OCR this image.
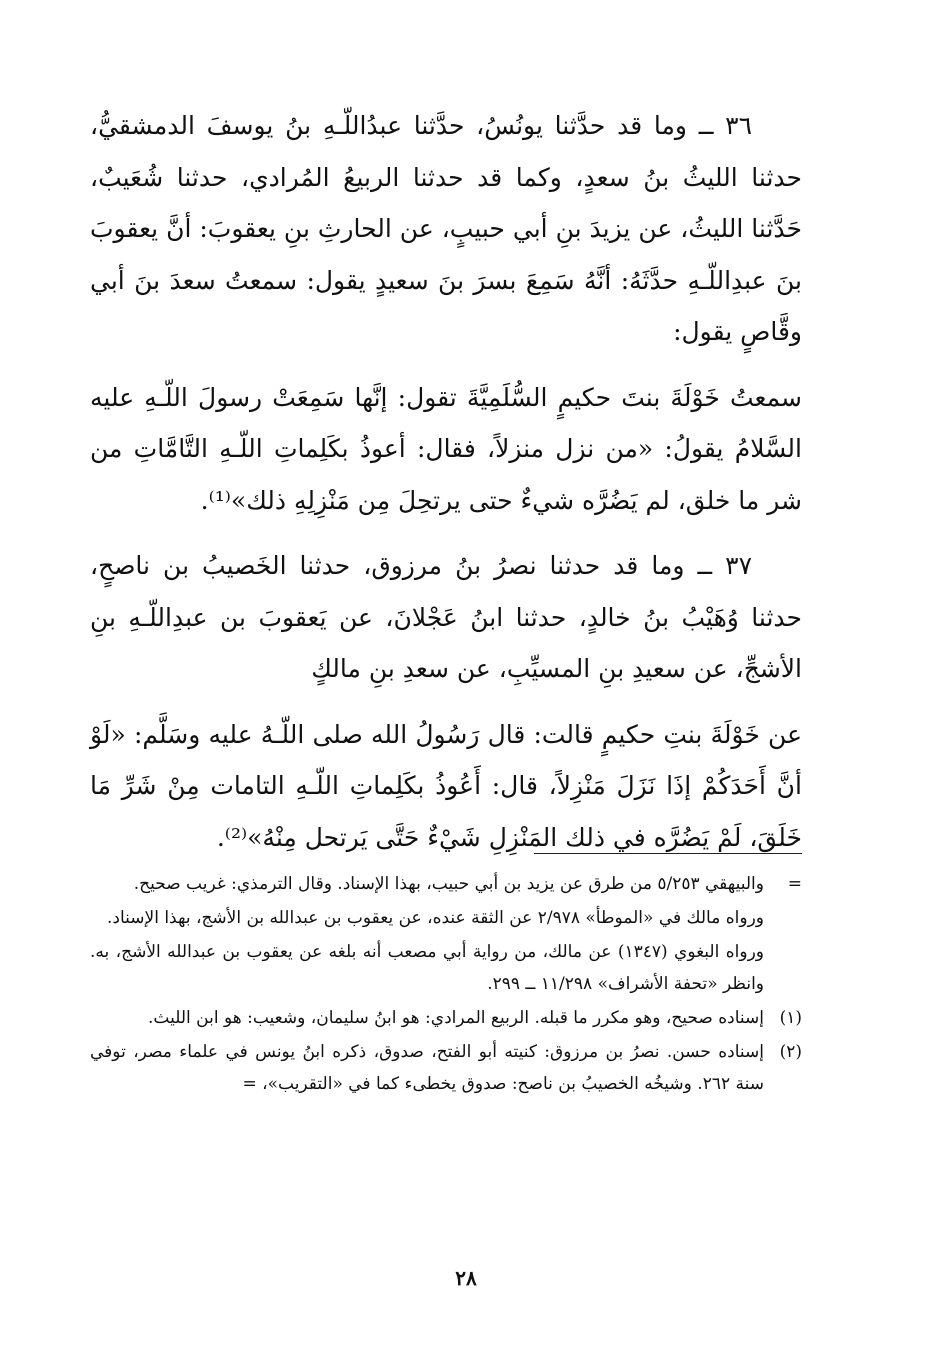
٣٦ ــ وما قد حدَّثنا يونُسُ، حدَّثنا عبدُاللّـهِ بنُ يوسفَ الدمشقيُّ، حدثنا الليثُ بنُ سعدٍ، وكما قد حدثنا الربيعُ المُرادي، حدثنا شُعَيبٌ، حَدَّثنا الليثُ، عن يزيدَ بنِ أبي حبيبٍ، عن الحارثِ بنِ يعقوبَ: أنَّ يعقوبَ بنَ عبدِاللّـهِ حدَّثَهُ: أنَّهُ سَمِعَ بسرَ بنَ سعيدٍ يقول: سمعتُ سعدَ بنَ أبي وقَّاصٍ يقول:

سمعتُ خَوْلَةَ بنتَ حكيمٍ السُّلَمِيَّةَ تقول: إنَّها سَمِعَتْ رسولَ اللّـهِ عليه السَّلامُ يقولُ: «من نزل منزلاً، فقال: أعوذُ بكَلِماتِ اللّـهِ التَّامَّاتِ من شر ما خلق، لم يَضُرَّه شيءٌ حتى يرتحِلَ مِن مَنْزِلِهِ ذلك»⁽¹⁾.

٣٧ ــ وما قد حدثنا نصرُ بنُ مرزوق، حدثنا الخَصيبُ بن ناصحٍ، حدثنا وُهَيْبُ بنُ خالدٍ، حدثنا ابنُ عَجْلانَ، عن يَعقوبَ بن عبدِاللّـهِ بنِ الأشجِّ، عن سعيدِ بنِ المسيِّبِ، عن سعدِ بنِ مالكٍ

عن خَوْلَةَ بنتِ حكيمٍ قالت: قال رَسُولُ الله صلى اللّـهُ عليه وسَلَّم: «لَوْ أنَّ أَحَدَكُمْ إذَا نَزَلَ مَنْزِلاً، قال: أَعُوذُ بكَلِماتِ اللّـهِ التامات مِنْ شَرِّ مَا خَلَقَ، لَمْ يَضُرَّه في ذلك المَنْزِلِ شَيْءٌ حَتَّى يَرتحل مِنْهُ»⁽²⁾.

=
والبيهقي ٥/٢٥٣ من طرق عن يزيد بن أبي حبيب، بهذا الإسناد. وقال الترمذي: غريب صحيح.
ورواه مالك في «الموطأ» ٢/٩٧٨ عن الثقة عنده، عن يعقوب بن عبدالله بن الأشج، بهذا الإسناد.
ورواه البغوي (١٣٤٧) عن مالك، من رواية أبي مصعب أنه بلغه عن يعقوب بن عبدالله الأشج، به. وانظر «تحفة الأشراف» ١١/٢٩٨ ــ ٢٩٩.
(١)
إسناده صحيح، وهو مكرر ما قبله. الربيع المرادي: هو ابنُ سليمان، وشعيب: هو ابن الليث.
(٢)
إسناده حسن. نصرُ بن مرزوق: كنيته أبو الفتح، صدوق، ذكره ابنُ يونس في علماء مصر، توفي سنة ٢٦٢. وشيخُه الخصيبُ بن ناصح: صدوق يخطىء كما في «التقريب»، =
٢٨
